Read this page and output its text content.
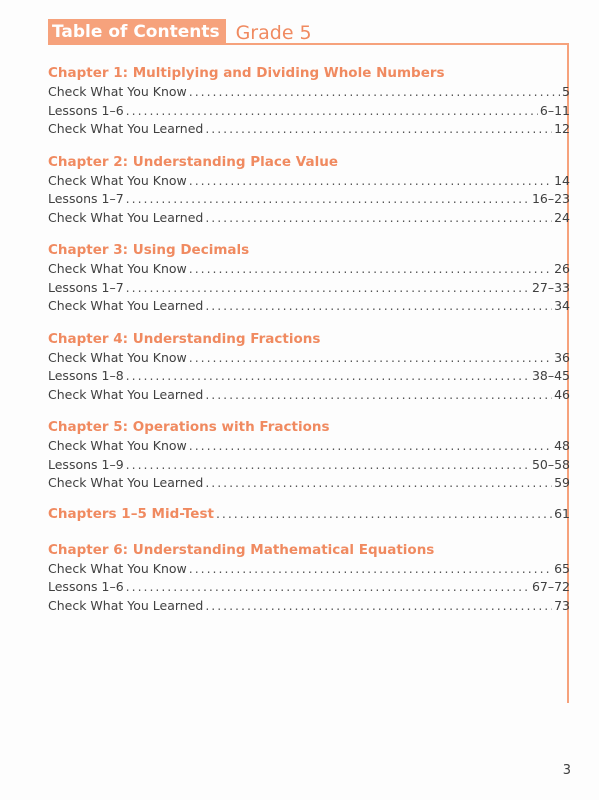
Table of Contents Grade 5
Chapter 1: Multiplying and Dividing Whole Numbers
Check What You Know . . .	5
Lessons 1–6 . . .	6–11
Check What You Learned . . .	12
Chapter 2: Understanding Place Value
Check What You Know . . .	14
Lessons 1–7 . . .	16–23
Check What You Learned . . .	24
Chapter 3: Using Decimals
Check What You Know . . .	26
Lessons 1–7 . . .	27–33
Check What You Learned . . .	34
Chapter 4: Understanding Fractions
Check What You Know . . .	36
Lessons 1–8 . . .	38–45
Check What You Learned . . .	46
Chapter 5: Operations with Fractions
Check What You Know . . .	48
Lessons 1–9 . . .	50–58
Check What You Learned . . .	59
Chapters 1–5 Mid-Test . . .	61
Chapter 6: Understanding Mathematical Equations
Check What You Know . . .	65
Lessons 1–6 . . .	67–72
Check What You Learned . . .	73
3
